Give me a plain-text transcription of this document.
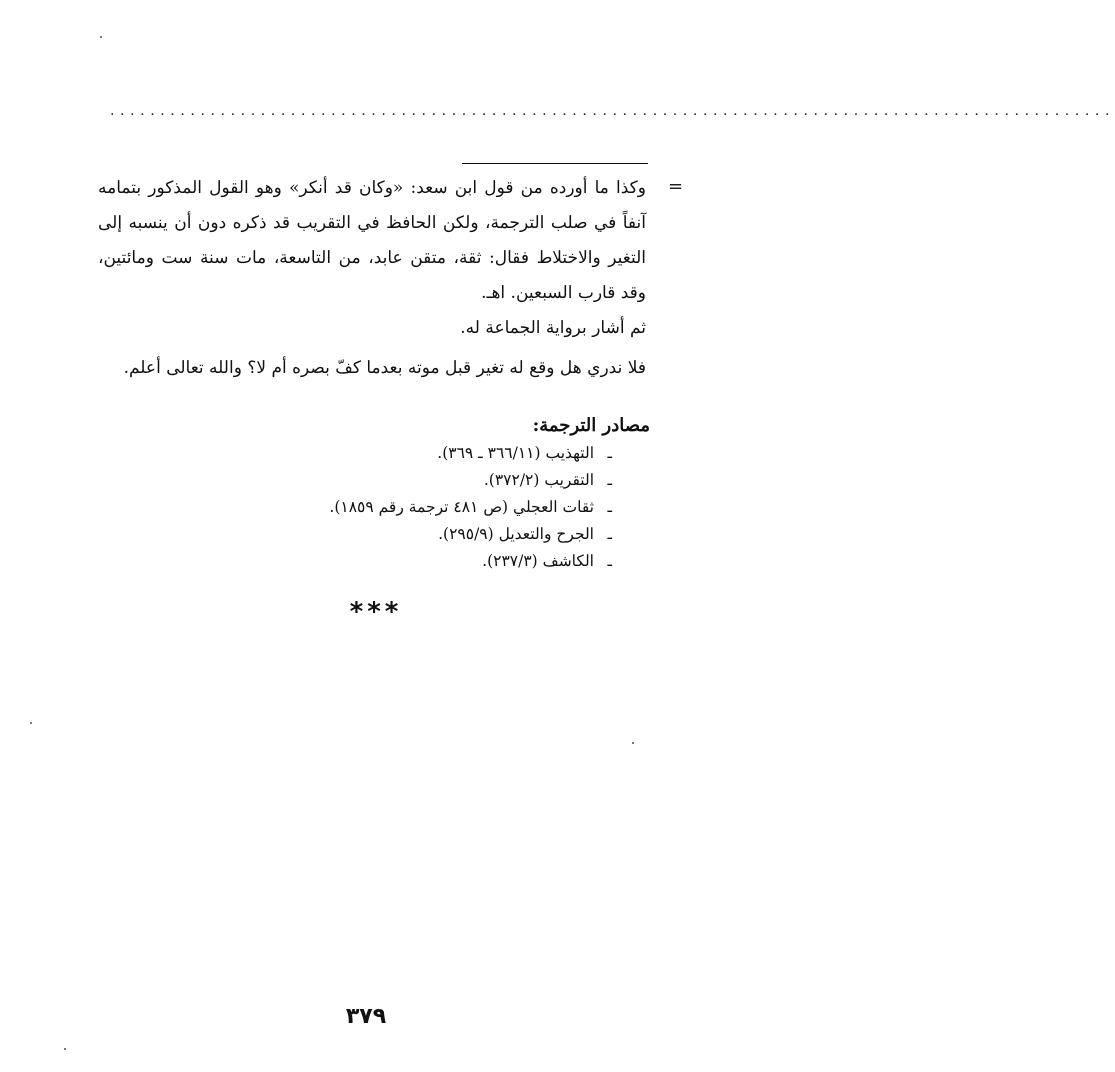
....................................................................................................
=

وكذا ما أورده من قول ابن سعد: «وكان قد أنكر» وهو القول المذكور بتمامه آنفاً في صلب الترجمة، ولكن الحافظ في التقريب قد ذكره دون أن ينسبه إلى التغير والاختلاط فقال: ثقة، متقن عابد، من التاسعة، مات سنة ست ومائتين، وقد قارب السبعين. اهـ.

ثم أشار برواية الجماعة له.

فلا ندري هل وقع له تغير قبل موته بعدما كفّ بصره أم لا؟ والله تعالى أعلم.

مصادر الترجمة:
ـ
التهذيب (٣٦٦/١١ ـ ٣٦٩).
ـ
التقريب (٣٧٢/٢).
ـ
ثقات العجلي (ص ٤٨١ ترجمة رقم ١٨٥٩).
ـ
الجرح والتعديل (٢٩٥/٩).
ـ
الكاشف (٢٣٧/٣).
***
٣٧٩
